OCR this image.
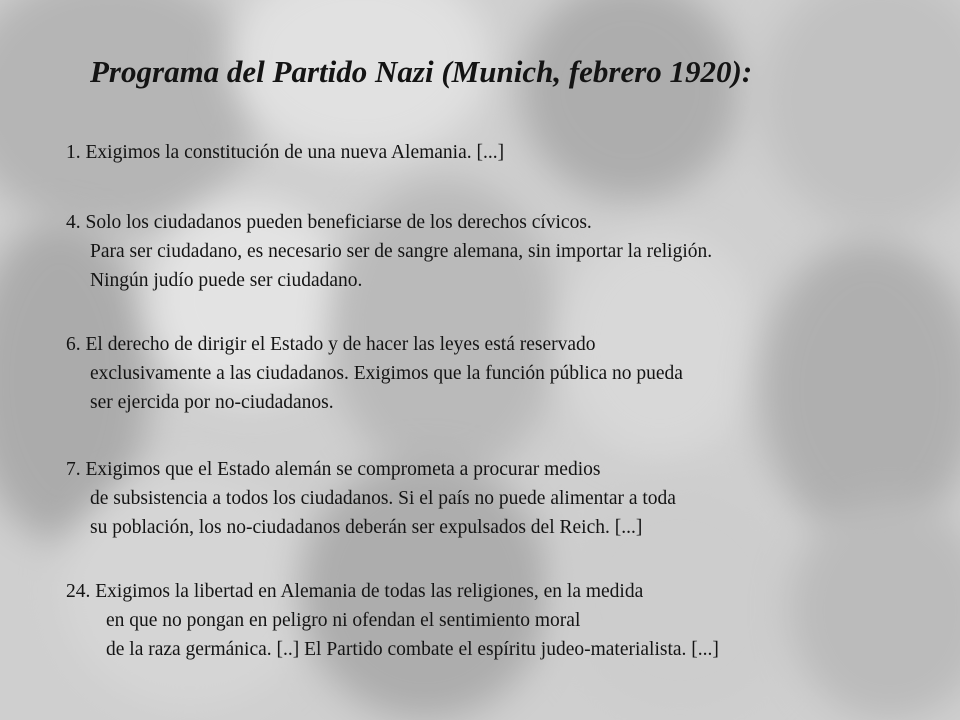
Programa del Partido Nazi (Munich, febrero 1920):

1. Exigimos la constitución de una nueva Alemania. [...]

4. Solo los ciudadanos pueden beneficiarse de los derechos cívicos.
Para ser ciudadano, es necesario ser de sangre alemana, sin importar la religión.
Ningún judío puede ser ciudadano.

6. El derecho de dirigir el Estado y de hacer las leyes está reservado
exclusivamente a las ciudadanos. Exigimos que la función pública no pueda
ser ejercida por no-ciudadanos.

7. Exigimos que el Estado alemán se comprometa a procurar medios
de subsistencia a todos los ciudadanos. Si el país no puede alimentar a toda
su población, los no-ciudadanos deberán ser expulsados del Reich. [...]

24. Exigimos la libertad en Alemania de todas las religiones, en la medida
en que no pongan en peligro ni ofendan el sentimiento moral
de la raza germánica. [..] El Partido combate el espíritu judeo-materialista. [...]
